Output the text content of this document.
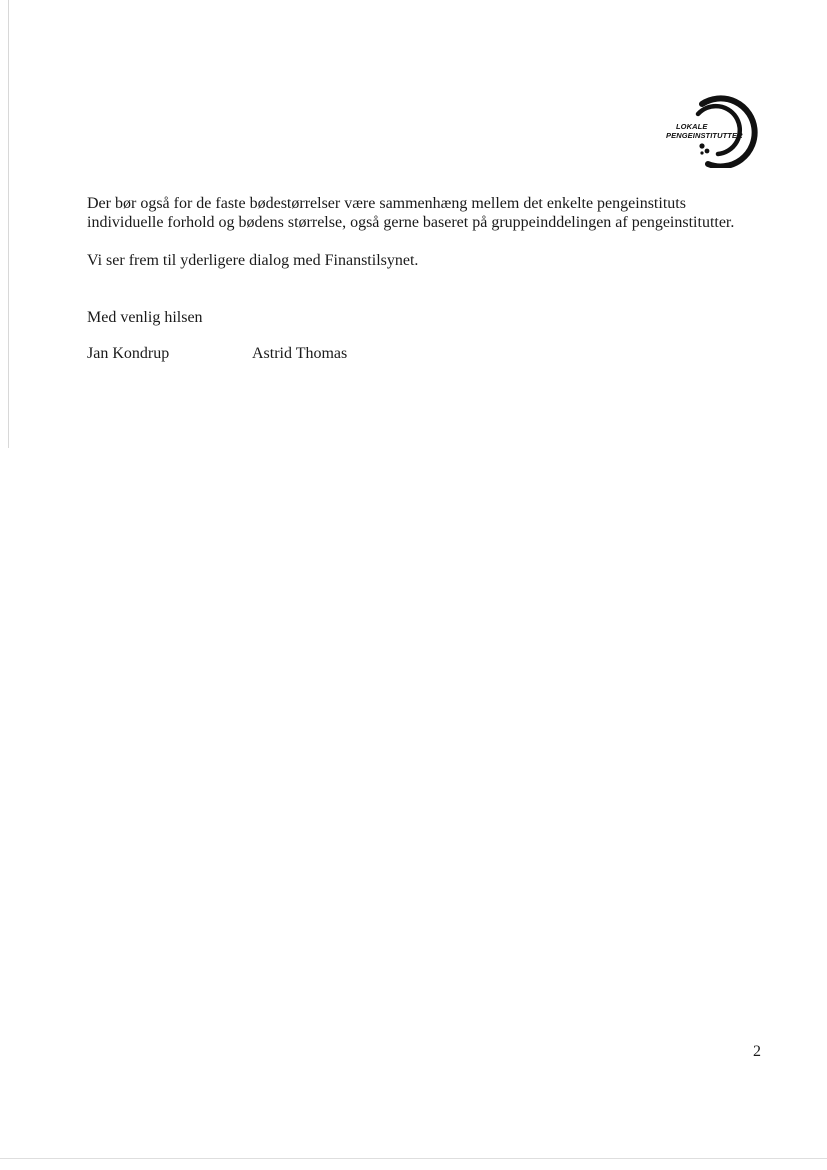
LOKALE
PENGEINSTITUTTER

Der bør også for de faste bødestørrelser være sammenhæng mellem det enkelte pengeinstituts individuelle forhold og bødens størrelse, også gerne baseret på gruppeinddelingen af pengeinstitutter.

Vi ser frem til yderligere dialog med Finanstilsynet.

Med venlig hilsen

Jan Kondrup	Astrid Thomas
2
